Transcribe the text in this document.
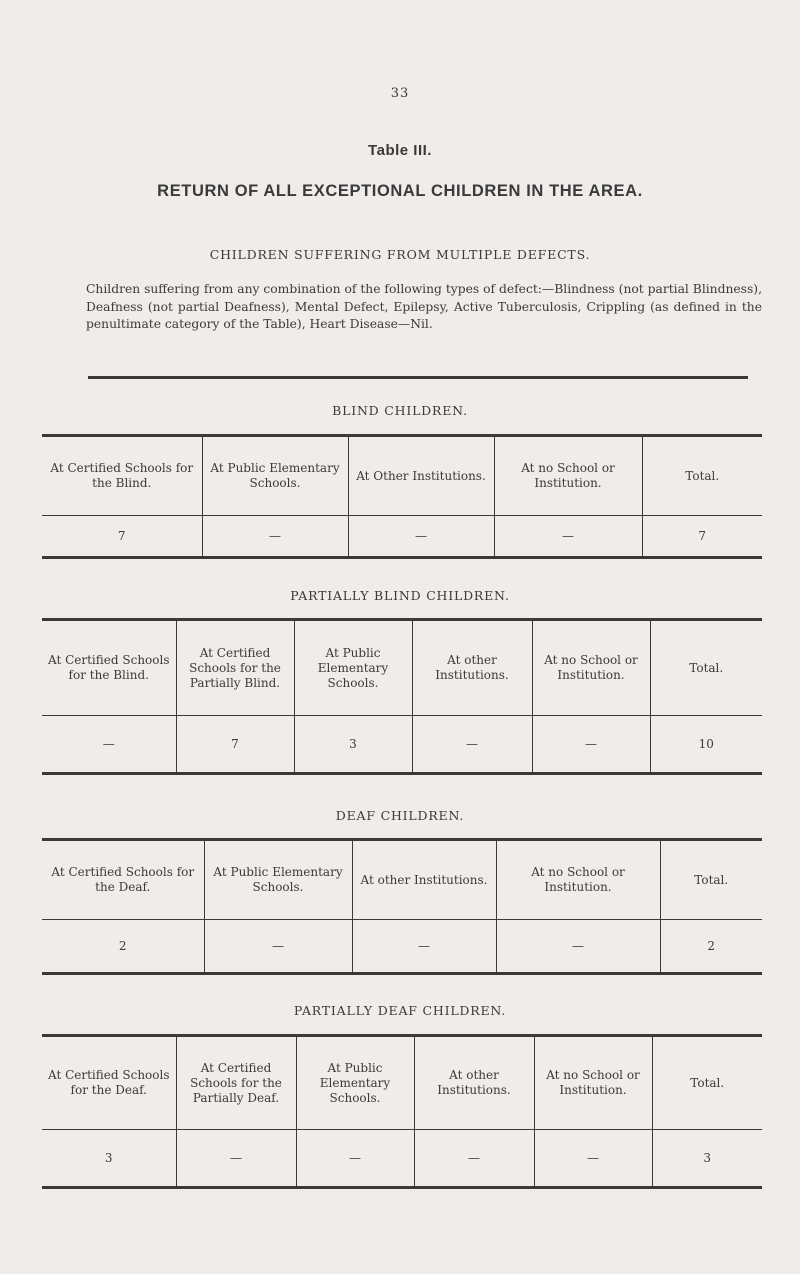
33
Table III.
RETURN OF ALL EXCEPTIONAL CHILDREN IN THE AREA.
CHILDREN SUFFERING FROM MULTIPLE DEFECTS.
Children suffering from any combination of the following types of defect:—Blindness (not partial Blindness), Deafness (not partial Deafness), Mental Defect, Epilepsy, Active Tuberculosis, Crippling (as defined in the penultimate category of the Table), Heart Disease—Nil.
BLIND CHILDREN.
At Certified Schools for the Blind.	At Public Elementary Schools.	At Other Institutions.	At no School or Institution.	Total.
7	—	—	—	7
PARTIALLY BLIND CHILDREN.
At Certified Schools for the Blind.	At Certified Schools for the Partially Blind.	At Public Elementary Schools.	At other Institutions.	At no School or Institution.	Total.
—	7	3	—	—	10
DEAF CHILDREN.
At Certified Schools for the Deaf.	At Public Elementary Schools.	At other Institutions.	At no School or Institution.	Total.
2	—	—	—	2
PARTIALLY DEAF CHILDREN.
At Certified Schools for the Deaf.	At Certified Schools for the Partially Deaf.	At Public Elementary Schools.	At other Institutions.	At no School or Institution.	Total.
3	—	—	—	—	3
